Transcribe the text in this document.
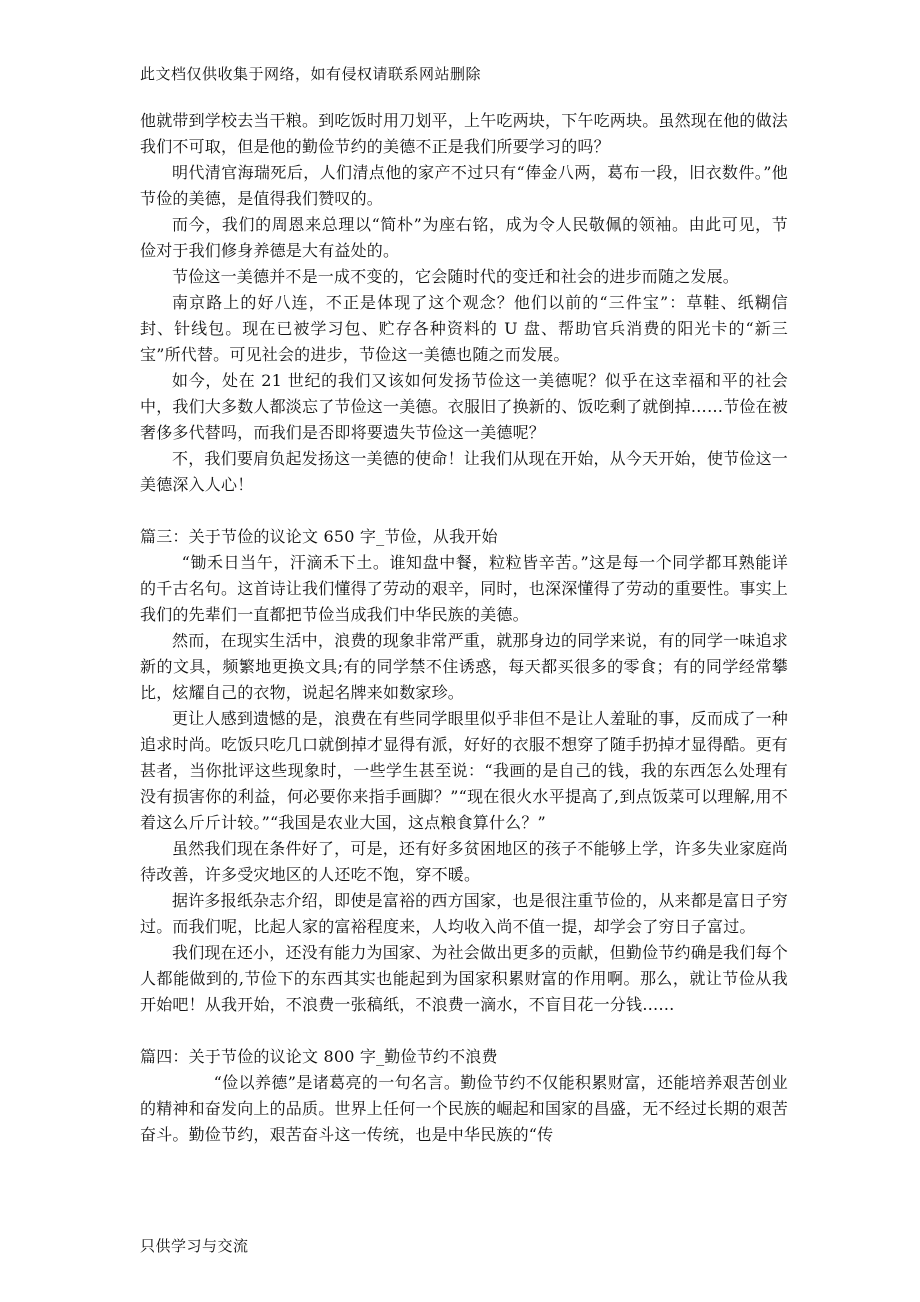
此文档仅供收集于网络，如有侵权请联系网站删除

他就带到学校去当干粮。到吃饭时用刀划平，上午吃两块，下午吃两块。虽然现在他的做法我们不可取，但是他的勤俭节约的美德不正是我们所要学习的吗？

明代清官海瑞死后，人们清点他的家产不过只有“俸金八两，葛布一段，旧衣数件。”他节俭的美德，是值得我们赞叹的。

而今，我们的周恩来总理以“简朴”为座右铭，成为令人民敬佩的领袖。由此可见，节俭对于我们修身养德是大有益处的。

节俭这一美德并不是一成不变的，它会随时代的变迁和社会的进步而随之发展。

南京路上的好八连，不正是体现了这个观念？他们以前的“三件宝”：草鞋、纸糊信封、针线包。现在已被学习包、贮存各种资料的 U 盘、帮助官兵消费的阳光卡的“新三宝”所代替。可见社会的进步，节俭这一美德也随之而发展。

如今，处在 21 世纪的我们又该如何发扬节俭这一美德呢？似乎在这幸福和平的社会中，我们大多数人都淡忘了节俭这一美德。衣服旧了换新的、饭吃剩了就倒掉……节俭在被奢侈多代替吗，而我们是否即将要遗失节俭这一美德呢？

不，我们要肩负起发扬这一美德的使命！让我们从现在开始，从今天开始，使节俭这一美德深入人心！

篇三：关于节俭的议论文 650 字_节俭，从我开始

“锄禾日当午，汗滴禾下土。谁知盘中餐，粒粒皆辛苦。”这是每一个同学都耳熟能详的千古名句。这首诗让我们懂得了劳动的艰辛，同时，也深深懂得了劳动的重要性。事实上我们的先辈们一直都把节俭当成我们中华民族的美德。

然而，在现实生活中，浪费的现象非常严重，就那身边的同学来说，有的同学一味追求新的文具，频繁地更换文具;有的同学禁不住诱惑，每天都买很多的零食；有的同学经常攀比，炫耀自己的衣物，说起名牌来如数家珍。

更让人感到遗憾的是，浪费在有些同学眼里似乎非但不是让人羞耻的事，反而成了一种追求时尚。吃饭只吃几口就倒掉才显得有派，好好的衣服不想穿了随手扔掉才显得酷。更有甚者，当你批评这些现象时，一些学生甚至说：“我画的是自己的钱，我的东西怎么处理有没有损害你的利益，何必要你来指手画脚？”“现在很火水平提高了,到点饭菜可以理解,用不着这么斤斤计较。”“我国是农业大国，这点粮食算什么？”

虽然我们现在条件好了，可是，还有好多贫困地区的孩子不能够上学，许多失业家庭尚待改善，许多受灾地区的人还吃不饱，穿不暖。

据许多报纸杂志介绍，即使是富裕的西方国家，也是很注重节俭的，从来都是富日子穷过。而我们呢，比起人家的富裕程度来，人均收入尚不值一提，却学会了穷日子富过。

我们现在还小，还没有能力为国家、为社会做出更多的贡献，但勤俭节约确是我们每个人都能做到的,节俭下的东西其实也能起到为国家积累财富的作用啊。那么，就让节俭从我开始吧！从我开始，不浪费一张稿纸，不浪费一滴水，不盲目花一分钱……

篇四：关于节俭的议论文 800 字_勤俭节约不浪费

“俭以养德”是诸葛亮的一句名言。勤俭节约不仅能积累财富，还能培养艰苦创业的精神和奋发向上的品质。世界上任何一个民族的崛起和国家的昌盛，无不经过长期的艰苦奋斗。勤俭节约，艰苦奋斗这一传统，也是中华民族的“传

只供学习与交流
